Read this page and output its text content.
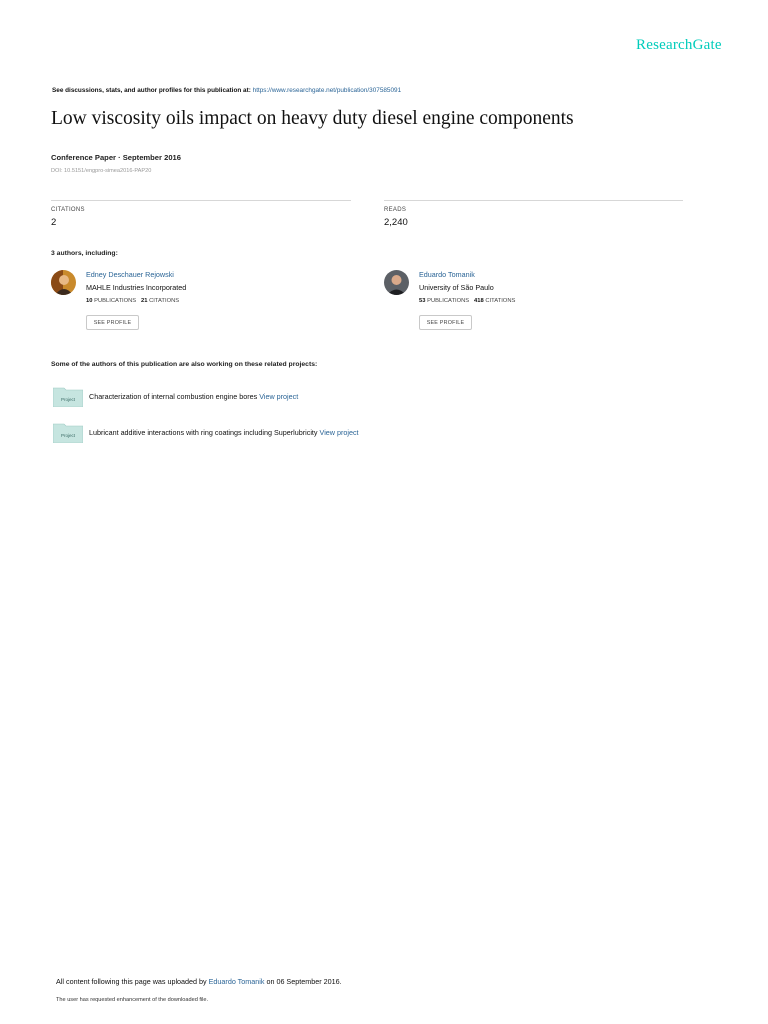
ResearchGate
See discussions, stats, and author profiles for this publication at: https://www.researchgate.net/publication/307585091
Low viscosity oils impact on heavy duty diesel engine components
Conference Paper · September 2016
DOI: 10.5151/engpro-simea2016-PAP20
CITATIONS
2
READS
2,240
3 authors, including:
Edney Deschauer Rejowski
MAHLE Industries Incorporated
10 PUBLICATIONS 21 CITATIONS
SEE PROFILE
Eduardo Tomanik
University of São Paulo
53 PUBLICATIONS 418 CITATIONS
SEE PROFILE
Some of the authors of this publication are also working on these related projects:
Project Characterization of internal combustion engine bores View project
Project Lubricant additive interactions with ring coatings including Superlubricity View project
All content following this page was uploaded by Eduardo Tomanik on 06 September 2016.
The user has requested enhancement of the downloaded file.
